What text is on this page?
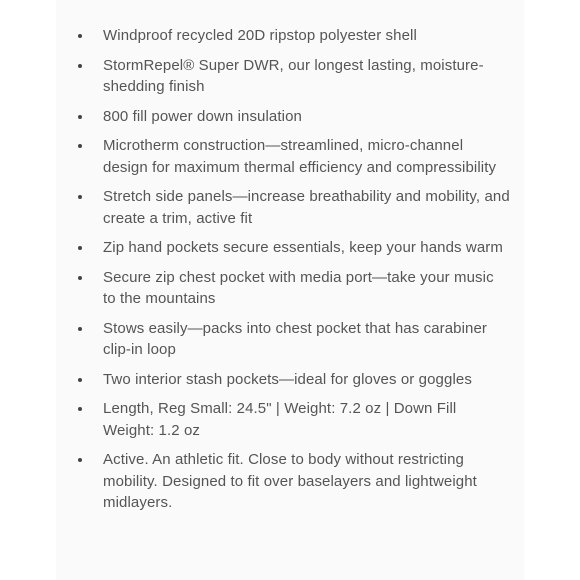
Windproof recycled 20D ripstop polyester shell
StormRepel® Super DWR, our longest lasting, moisture-shedding finish
800 fill power down insulation
Microtherm construction—streamlined, micro-channel design for maximum thermal efficiency and compressibility
Stretch side panels—increase breathability and mobility, and create a trim, active fit
Zip hand pockets secure essentials, keep your hands warm
Secure zip chest pocket with media port—take your music to the mountains
Stows easily—packs into chest pocket that has carabiner clip-in loop
Two interior stash pockets—ideal for gloves or goggles
Length, Reg Small: 24.5" | Weight: 7.2 oz | Down Fill Weight: 1.2 oz
Active. An athletic fit. Close to body without restricting mobility. Designed to fit over baselayers and lightweight midlayers.
